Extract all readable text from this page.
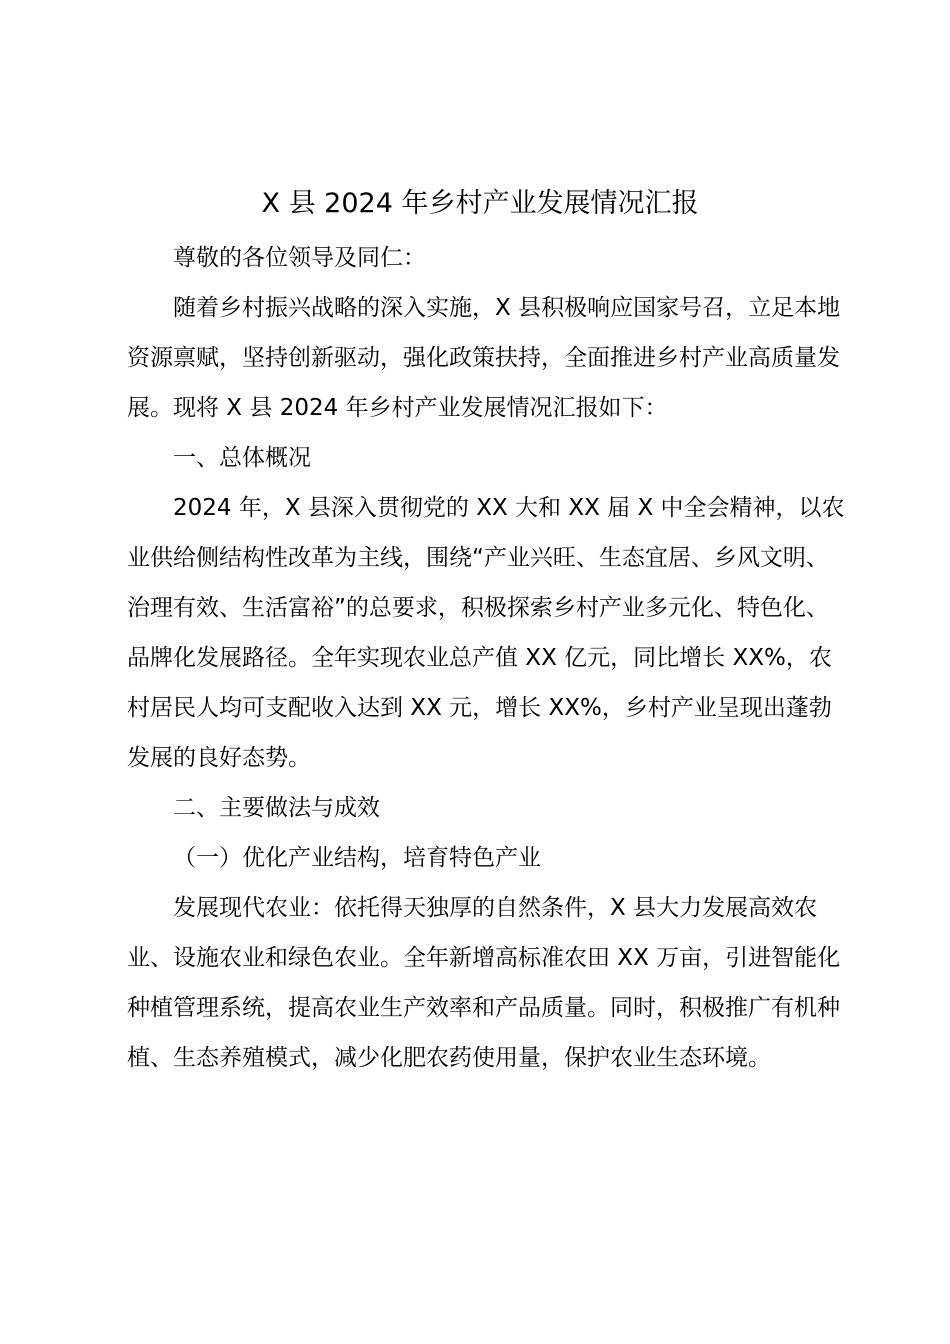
X 县 2024 年乡村产业发展情况汇报

尊敬的各位领导及同仁：

随着乡村振兴战略的深入实施，X 县积极响应国家号召，立足本地资源禀赋，坚持创新驱动，强化政策扶持，全面推进乡村产业高质量发展。现将 X 县 2024 年乡村产业发展情况汇报如下：

一、总体概况

2024 年，X 县深入贯彻党的 XX 大和 XX 届 X 中全会精神，以农业供给侧结构性改革为主线，围绕“产业兴旺、生态宜居、乡风文明、治理有效、生活富裕”的总要求，积极探索乡村产业多元化、特色化、品牌化发展路径。全年实现农业总产值 XX 亿元，同比增长 XX%，农村居民人均可支配收入达到 XX 元，增长 XX%，乡村产业呈现出蓬勃发展的良好态势。

二、主要做法与成效

（一）优化产业结构，培育特色产业

发展现代农业：依托得天独厚的自然条件，X 县大力发展高效农业、设施农业和绿色农业。全年新增高标准农田 XX 万亩，引进智能化种植管理系统，提高农业生产效率和产品质量。同时，积极推广有机种植、生态养殖模式，减少化肥农药使用量，保护农业生态环境。
